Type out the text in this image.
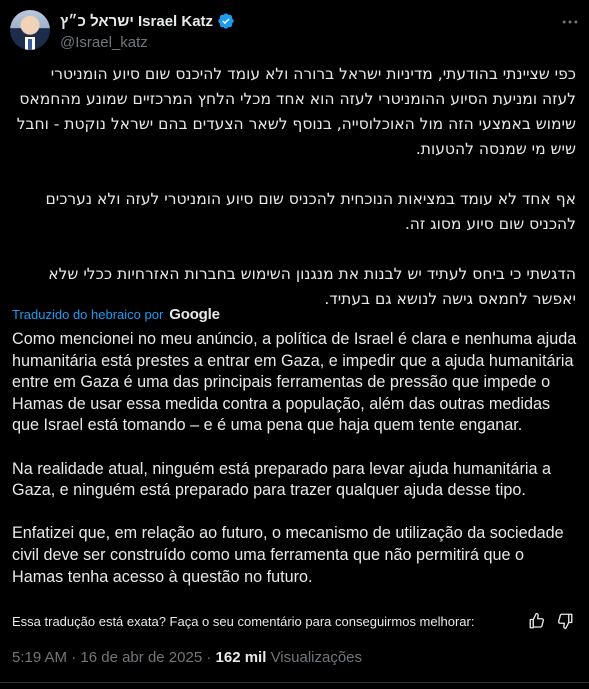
ישראל כ״ץ Israel Katz
@Israel_katz

כפי שציינתי בהודעתי, מדיניות ישראל ברורה ולא עומד להיכנס שום סיוע הומניטרי לעזה ומניעת הסיוע ההומניטרי לעזה הוא אחד מכלי הלחץ המרכזיים שמונע מהחמאס שימוש באמצעי הזה מול האוכלוסייה, בנוסף לשאר הצעדים בהם ישראל נוקטת - וחבל שיש מי שמנסה להטעות.

אף אחד לא עומד במציאות הנוכחית להכניס שום סיוע הומניטרי לעזה ולא נערכים להכניס שום סיוע מסוג זה.

הדגשתי כי ביחס לעתיד יש לבנות את מנגנון השימוש בחברות האזרחיות ככלי שלא יאפשר לחמאס גישה לנושא גם בעתיד.

Traduzido do hebraico por Google

Como mencionei no meu anúncio, a política de Israel é clara e nenhuma ajuda humanitária está prestes a entrar em Gaza, e impedir que a ajuda humanitária entre em Gaza é uma das principais ferramentas de pressão que impede o Hamas de usar essa medida contra a população, além das outras medidas que Israel está tomando – e é uma pena que haja quem tente enganar.

Na realidade atual, ninguém está preparado para levar ajuda humanitária a Gaza, e ninguém está preparado para trazer qualquer ajuda desse tipo.

Enfatizei que, em relação ao futuro, o mecanismo de utilização da sociedade civil deve ser construído como uma ferramenta que não permitirá que o Hamas tenha acesso à questão no futuro.

Essa tradução está exata? Faça o seu comentário para conseguirmos melhorar:
5:19 AM · 16 de abr de 2025 · 162 mil Visualizações
